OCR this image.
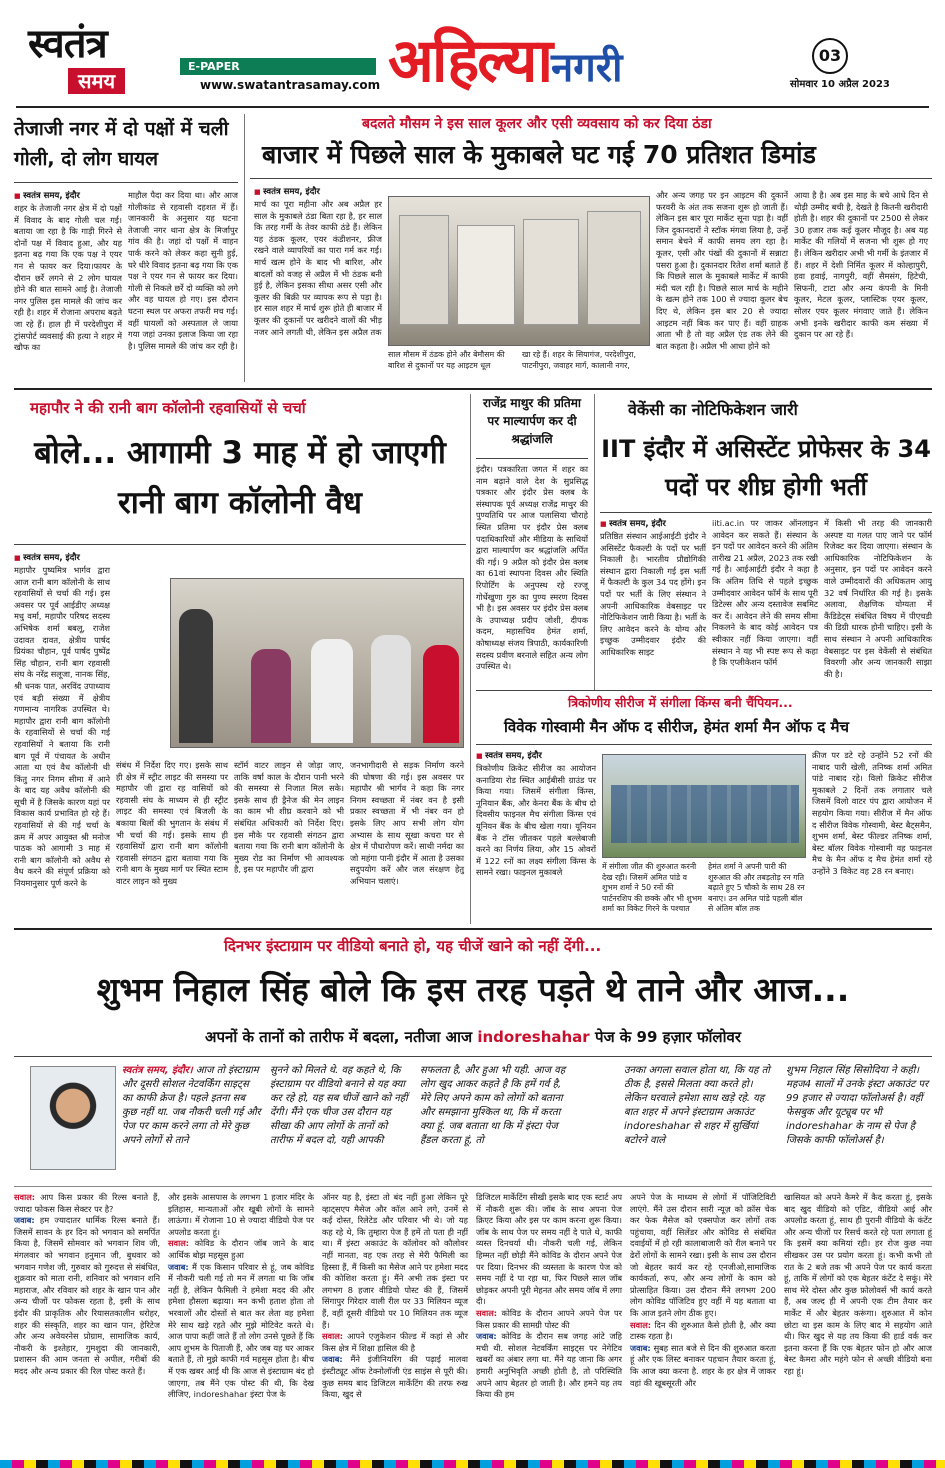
स्वतंत्र
समय
E-PAPER
www.swatantrasamay.com अहिल्यानगरी	03
सोमवार 10 अप्रैल 2023
तेजाजी नगर में दो पक्षों में चली गोली, दो लोग घायल
■ स्वतंत्र समय, इंदौर
शहर के तेजाजी नगर क्षेत्र में दो पक्षों में विवाद के बाद गोली चल गई। बताया जा रहा है कि गाड़ी गिरने से दोनों पक्ष में विवाद हुआ, और यह इतना बढ़ गया कि एक पक्ष ने एयर गन से फायर कर दिया।फायर के दौरान छर्रे लगने से 2 लोग घायल होने की बात सामने आई है। तेजाजी नगर पुलिस इस मामले की जांच कर रही है। शहर में रोजाना अपराध बढ़ते जा रहे हैं। हाल ही में परदेशीपुरा में ट्रांसपोर्ट व्यवसाई की हत्या ने शहर में खौफ का
माहौल पैदा कर दिया था। और आज गोलीकांड से रहवासी दहशत में हैं। जानकारी के अनुसार यह घटना तेजाजी नगर थाना क्षेत्र के मिर्जापुर गांव की है। जहां दो पक्षों में वाहन पार्क करने को लेकर कहा सुनी हुई, घरे धीरे विवाद इतना बढ़ गया कि एक पक्ष ने एयर गन से फायर कर दिया। गोली से निकले छर्रे दो व्यक्ति को लगे और वह घायल हो गए। इस दौरान घटना स्थल पर अफरा तफरी मच गई। वहीं घायलों को अस्पताल ले जाया गया जहां उनका इलाज किया जा रहा है। पुलिस मामले की जांच कर रही है।
बदलते मौसम ने इस साल कूलर और एसी व्यवसाय को कर दिया ठंडा
बाजार में पिछले साल के मुकाबले घट गई 70 प्रतिशत डिमांड
■ स्वतंत्र समय, इंदौर
मार्च का पूरा महीना और अब अप्रैल हर साल के मुकाबले ठंडा बिता रहा है, हर साल कि तरह गर्मी के तेवर काफी ठंडे हैं। लेकिन यह ठंडक कूलर, एयर कंडीशनर, फ्रीज रखने वाले व्यापरियों का पारा गर्म कर गई। मार्च खत्म होने के बाद भी बारिश, और बादलों को वजह से अप्रैल में भी ठंडक बनी हुई है, लेकिन इसका सीधा असर एसी और कूलर की बिक्री पर व्यापक रूप से पड़ा है। हर साल शहर में मार्च शुरू होते ही बाजार में कूलर की दुकानों पर खरीदने वालों की भीड़ नजर आने लगती थी, लेकिन इस अप्रैल तक
साल मौसम में ठंडक होने और बेमौसम की बारिश से दुकानों पर यह आइटम धूल
खा रहे हैं। शहर के सियागंज, परदेशीपुरा, पाटनीपुरा, जवाहर मार्ग, कालानी नगर,
और अन्य जगह पर इन आइटम की दुकानें फरवरी के अंत तक सजना शुरू हो जाती हैं। लेकिन इस बार पूरा मार्केट सूना पड़ा है। वहीं जिन दुकानदारों ने स्टॉक मंगवा लिया है, उन्हें समान बेचने में काफी समय लग रहा है। कूलर, एसी और पंखों की दुकानों में सन्नाटा पसरा हुआ है। दुकानदार रितेश शर्मा बताते हैं कि पिछले साल के मुकाबले मार्केट में काफी मंदी चल रही है। पिछले साल मार्च के महीने के खत्म होने तक 100 से ज्यादा कूलर बेच दिए थे, लेकिन इस बार 20 से ज्यादा आइटम नहीं बिक कर पाए हैं। वहीं ग्राहक आता भी है तो वह अप्रैल एंड तक लेने की बात कहता है। अप्रैल भी आधा होने को
आया है है। अब इस माह के बचे आधे दिन से थोड़ी उम्मीद बची है, देखते है कितनी खरीदारी होती है। शहर की दुकानों पर 2500 से लेकर 30 हजार तक कई कूलर मौजूद है। अब यह मार्केट की गलियों में सजना भी शुरू हो गए हैं। लेकिन खरीदार अभी भी गर्मी के इंतजार में हैं। शहर में देशी निर्मित कूलर में कोल्हापुरी, हवा हवाई, नागपुरी, वहीं सैमसंग, हिटेची, सिफनी, टाटा और अन्य कंपनी के मिनी कूलर, मेटल कूलर, प्लास्टिक एयर कूलर, सोलर एयर कूलर मंगवाए जाते हैं। लेकिन अभी इनके खरीदार काफी कम संख्या में दुकान पर आ रहे हैं।
महापौर ने की रानी बाग कॉलोनी रहवासियों से चर्चा
बोले... आगामी 3 माह में हो जाएगी रानी बाग कॉलोनी वैध
■ स्वतंत्र समय, इंदौर
महापौर पुष्यमित्र भार्गव द्वारा आज रानी बाग कॉलोनी के साथ रहवासियों से चर्चा की गई। इस अवसर पर पूर्व आईडीए अध्यक्ष मधु वर्मा, महापौर परिषद सदस्य अभिषेक शर्मा बबलू, राजेश उदावत दावत, क्षेत्रीय पार्षद प्रियंका चौहान, पूर्व पार्षद पुष्पेंद्र सिंह चौहान, रानी बाग रहवासी संघ के नरेंद्र सलूजा, नानक सिंह, श्री धनक पात, अरविंद उपाध्याय एवं बड़ी संख्या में क्षेत्रीय गणमान्य नागरिक उपस्थित थे। महापौर द्वारा रानी बाग कॉलोनी के रहवासियों से चर्चा की गई रहवासियों ने बताया कि रानी बाग पूर्व में पंचायत के अधीन आता था एवं वैध कॉलोनी थी किंतु नगर निगम सीमा में आने के बाद यह अवैध कॉलोनी की सूची में है जिसके कारण यहां पर विकास कार्य प्रभावित हो रहे हैं। रहवासियों से की गई चर्चा के क्रम में अपर आयुक्त श्री मनोज पाठक को आगामी 3 माह में रानी बाग कॉलोनी को अवैध से वैध करने की संपूर्ण प्रक्रिया को नियमानुसार पूर्ण करने के
संबंध में निर्देश दिए गए। इसके साथ ही क्षेत्र में स्ट्रीट लाइट की समस्या पर महापौर जी द्वारा रह वासियों को रहवासी संघ के माध्यम से ही स्ट्रीट लाइट की समस्या एवं बिजली के बकाया बिलों की भुगतान के संबंध में भी चर्चा की गई। इसके साथ ही रहवासियों द्वारा रानी बाग कॉलोनी रहवासी संगठन द्वारा बताया गया कि रानी बाग के मुख्य मार्ग पर स्थित स्टाम वाटर लाइन को मुख्य
स्टॉर्म वाटर लाइन से जोड़ा जाए, ताकि वर्षा काल के दौरान पानी भरने की समस्या से निजात मिल सके। इसके साथ ही ड्रैनेज की मेन लाइन का काम भी शीघ्र करवाने को भी संबंधित अधिकारी को निर्देश दिए। इस मौके पर रहवासी संगठन द्वारा बताया गया कि रानी बाग कॉलोनी के मुख्य रोड का निर्माण भी आवश्यक है, इस पर महापौर जी द्वारा
जनभागीदारी से सड़क निर्माण करने की घोषणा की गई। इस अवसर पर महापौर श्री भार्गव ने कहा कि नगर निगम स्वच्छता में नंबर वन है इसी प्रकार स्वच्छता में भी नंबर वन हो इसके लिए आप सभी लोग योग अभ्यास के साथ सूखा कचरा घर से क्षेत्र में पौधारोपण करें। साथी नर्मदा का जो महंगा पानी इंदौर में आता है उसका सदुपयोग करें और जल संरक्षण हेतु अभियान चलाएं।
राजेंद्र माथुर की प्रतिमा पर माल्यार्पण कर दी श्रद्धांजलि
इंदौर। पत्रकारिता जगत में शहर का नाम बढ़ाने वाले देश के सुप्रसिद्ध पत्रकार और इंदौर प्रेस क्लब के संस्थापक पूर्व अध्यक्ष राजेंद्र माथुर की पुण्यतिथि पर आज पलासिया चौराहे स्थित प्रतिमा पर इंदौर प्रेस क्लब पदाधिकारियों और मीडिया के साथियों द्वारा माल्यार्पण कर श्रद्धांजलि अर्पित की गई। 9 अप्रैल को इंदौर प्रेस क्लब का 61वां स्थापना दिवस और स्थिति रिपोर्टिंग के अनुपस्थ रहे रज्जू गोर्धेखुणा गुरु का पुण्य स्मरण दिवस भी है। इस अवसर पर इंदौर प्रेस क्लब के उपाध्यक्ष प्रदीप जोशी, दीपक कदम, महासचिव हेमंत शर्मा, कोषाध्यक्ष संजय त्रिपाठी, कार्यकारिणी सदस्य प्रवीण बरनाले सहित अन्य लोग उपस्थित थे।
वेकेंसी का नोटिफिकेशन जारी
IIT इंदौर में असिस्टेंट प्रोफेसर के 34 पदों पर शीघ्र होगी भर्ती
■ स्वतंत्र समय, इंदौर
प्रतिष्ठित संस्थान आईआईटी इंदौर ने असिस्टेंट फैकल्टी के पदों पर भर्ती निकाली है। भारतीय प्रौद्योगिकी संस्थान द्वारा निकाली गई इस भर्ती में फैकल्टी के कुल 34 पद होंगे। इन पदों पर भर्ती के लिए संस्थान ने अपनी आधिकारिक वेबसाइट पर नोटिफिकेशन जारी किया है। भर्ती के लिए आवेदन करने के योग्य और इच्छुक उम्मीदवार इंदौर की आधिकारिक साइट
iiti.ac.in पर जाकर ऑनलाइन आवेदन कर सकते हैं। संस्थान के इन पदों पर आवेदन करने की अंतिम तारीख 21 अप्रैल, 2023 तक रखी गई है। आईआईटी इंदौर ने कहा है कि अंतिम तिथि से पहले इच्छुक उम्मीदवार आवेदन फॉर्म के साथ पूरी डिटेल्स और अन्य दस्तावेज सबमिट कर दें। आवेदन लेने की समय सीमा निकलने के बाद कोई आवेदन पत्र स्वीकार नहीं किया जाएगा। वहीं संस्थान ने यह भी स्पष्ट रूप से कहा है कि एप्लीकेशन फॉर्म
में किसी भी तरह की जानकारी अस्पष्ट या गलत पाए जाने पर फॉर्म रिजेक्ट कर दिया जाएगा। संस्थान के आधिकारिक नोटिफिकेशन के अनुसार, इन पदों पर आवेदन करने वाले उम्मीदवारों की अधिकतम आयु 32 वर्ष निर्धारित की गई है। इसके अलावा, शैक्षणिक योग्यता में कैंडिडेट्स संबंधित विषय में पीएचडी की डिग्री धारक होनी चाहिए। इसी के साथ संस्थान ने अपनी आधिकारिक वेबसाइट पर इस वेकेंसी से संबंधित विवरणी और अन्य जानकारी साझा की है।
त्रिकोणीय सीरीज में संगीला किंग्स बनी चैंपियन...
विवेक गोस्वामी मैन ऑफ द सीरीज, हेमंत शर्मा मैन ऑफ द मैच
■ स्वतंत्र समय, इंदौर
त्रिकोणीय क्रिकेट सीरीज का आयोजन कनाडिया रोड स्थित आईबीसी ग्राउंड पर किया गया। जिसमें संगीला किंग्स, नूनियान बैंक, और केनरा बैंक के बीच दो दिवसीय फाइनल मैच संगीला किंग्स एवं यूनियन बैंक के बीच खेला गया। यूनियन बैंक ने टॉस जीतकर पहले बल्लेबाजी करने का निर्णय लिया, और 15 ओवरों में 122 रनों का लक्ष्य संगीला किंग्स के सामने रखा। फाइनल मुकाबले
में संगीला जीत की शुरुआत करनी देख रही। जिसमें अमित पांडे व शुभम शर्मा ने 50 रनों की पार्टनरशिप की छक्के और भी शुभम शर्मा का विकेट गिरने के पश्चात
हेमंत शर्मा ने अपनी पारी की शुरुआत की और तबड़तोड़ रन गति बढ़ाते हुए 5 चौको के साथ 28 रन बनाए। उन अमित पांडे पहली बॉल से अंतिम बॉल तक
क्रीज पर डटे रहे उन्होंने 52 रनों की नाबाद पारी खेली, तनिष्क शर्मा अमित पांडे नाबाद रहे। विलो क्रिकेट सीरीज मुकाबले 2 दिनों तक लगातार चले जिसमें विलो वाटर पंप द्वारा आयोजन में सहयोग किया गया। सीरीज में मैन ऑफ द सीरीज विवेक गोस्वामी, बेस्ट बैट्समैन, शुभम शर्मा, बेस्ट फील्डर तनिष्क शर्मा, बेस्ट बॉलर विवेक गोस्वामी वह फाइनल मैच के मैन ऑफ द मैच हेमंत शर्मा रहे उन्होंने 3 विकेट वह 28 रन बनाए।
दिनभर इंस्टाग्राम पर वीडियो बनाते हो, यह चीजें खाने को नहीं देंगी...
शुभम निहाल सिंह बोले कि इस तरह पड़ते थे ताने और आज...
अपनों के तानों को तारीफ में बदला, नतीजा आज indoreshahar पेज के 99 हज़ार फॉलोवर
स्वतंत्र समय, इंदौर। आज तो इंस्टाग्राम और दूसरी सोशल नेटवर्किंग साइट्स का काफी क्रेज है। पहले इतना सब कुछ नहीं था. जब नौकरी चली गई और पेज पर काम करने लगा तो मेरे कुछ अपने लोगों से ताने
सुनने को मिलते थे. वह कहते थे, कि इंस्टाग्राम पर वीडियो बनाने से यह क्या कर रहे हो, यह सब चीजें खाने को नहीं देंगी। मैंने एक चीज उस दौरान यह सीखा की आप लोगों के तानों को तारीफ में बदल दो, यही आपकी
सफलता है, और हुआ भी यही. आज वह लोग खुद आकर कहते है कि हमें गर्व है, मेरे लिए अपने काम को लोगों को बताना और समझाना मुश्किल था, कि में करता क्या हूं. जब बताता था कि में इंस्टा पेज हैंडल करता हूं, तो
उनका अगला सवाल होता था, कि यह तो ठीक है, इससे मिलता क्या करते हो। लेकिन घरवाले हमेशा साथ खड़े रहे. यह बात शहर में अपने इंस्टाग्राम अकाउंट indoreshahar से शहर में सुर्खियां बटोरने वाले
शुभम निहाल सिंह सिसोदिया ने कही। महज4 सालों में उनके इंस्टा अकाउंट पर 99 हजार से ज्यादा फॉलोअर्स है। वहीं फेसबुक और यूट्यूब पर भी indoreshahar के नाम से पेज है जिसके काफी फॉलोअर्स है।
सवाल: आप किस प्रकार की रिल्स बनाते हैं, ज्यादा फोकस किस सेक्टर पर है?
जवाब: हम ज्यादातर धार्मिक रिल्स बनाते हैं। जिसमें सावन के हर दिन को भगवान को समर्पित किया है, जिसमें सोमवार को भगवान शिव जी, मंगलवार को भगवान हनुमान जी, बुधवार को भगवान गणेश जी, गुरुवार को गुरुदत्त से संबंधित, शुक्रवार को माता रानी, शनिवार को भगवान शनि महाराज, और रविवार को शहर के खान पान और अन्य चीजों पर फोकस रहता है, इसी के साथ इंदौर की प्राकृतिक और रियासतकालीन धरोहर, शहर की संस्कृति, शहर का खान पान, हेरिटेज और अन्य अवेयरनेस प्रोग्राम, सामाजिक कार्य, नौकरी के इश्तेहार, गुमशुदा की जानकारी, प्रशासन की आम जनता से अपील, गरीबों की मदद और अन्य प्रकार की रिल पोस्ट करते हैं।
और इसके आसपास के लगभग 1 हजार मंदिर के इतिहास, मान्यताओं और खूबी लोगों के सामने लाऊंगा। में रोजाना 10 से ज्यादा वीडियो पेज पर अपलोड करता हूं।
सवाल: कोविड के दौरान जॉब जाने के बाद आर्थिक बोझ महसूस हुआ
जवाब: मैं एक किसान परिवार से हूं, जब कोविड में नौकरी चली गई तो मन में लगता था कि जॉब नहीं है, लेकिन फैमिली ने हमेशा मदद की और हमेशा हौसला बढ़ाया। मन कभी हताश होता तो भरवालों और दोस्तों से बात कर लेता वह हमेशा मेरे साथ खड़े रहते और मुझे मोटिवेट करते थे। आज पापा कहीं जाते हैं तो लोग उनसे पूछते हैं कि आप शुभम के पिताजी हैं, और जब यह घर आकर बताते हैं, तो मुझे काफी गर्व महसूस होता है। बीच में एक खबर आई थी कि आज से इंस्टाग्राम बंद हो जाएगा, तब मैंने एक पोस्ट की थी, कि देख लीजिए, indoreshahar इंस्टा पेज के
ऑनर यह है, इंस्टा तो बंद नहीं हुआ लेकिन पूरे व्हाट्सएप मैसेज और कॉल आने लगे, उनमें से कई दोस्त, रिलेटेड और परिवार भी थे। जो यह कह रहे थे, कि तुम्हारा पेज हैं हमें तो पता ही नहीं था। मैं इंस्टा अकाउंट के कॉलोवर को कौलोवर नहीं मानता, वह एक तरह से मेरी फैमिली का हिस्सा हैं, मैं किसी का मैसेज आने पर हमेशा मदद की कोशिश करता हूं। मैंने अभी तक इंस्टा पर लगभग 8 हजार वीडियो पोस्ट की हैं, जिसमें सिंगापुर गिरेदार वाली रील पर 33 मिलियन व्यूज हैं, वहीं दूसरी वीडियो पर 10 मिलियन तक व्यूज हैं।
सवाल: आपने एजुकेशन फील्ड में कहां से और किस क्षेत्र में शिक्षा हासिल की है
जवाब: मैंने इंजीनियरिंग की पढ़ाई मालवा इंस्टीट्यूट ऑफ टेक्नोलॉजी एंड साइंस से पूरी की। कुछ समय बाद डिजिटल मार्केटिंग की तरफ रुख किया, खुद से
डिजिटल मार्केटिंग सीखी इसके बाद एक स्टार्ट अप में नौकरी शुरू की। जॉब के साथ अपना पेज क्रिएट किया और इस पर काम करना शुरू किया। जॉब के साथ पेज पर समय नहीं दे पाते थे, काफी व्यस्त दिनचर्या थी। नौकरी चली गई, लेकिन हिम्मत नहीं छोड़ी मैंने कोविड के दौरान अपने पेज पर दिया। दिनभर की व्यस्तता के कारण पेज को समय नहीं दे पा रहा था, फिर पिछले साल जॉब छोड़कर अपनी पूरी मेहनत और समय जॉब में लगा दी।
सवाल: कोविड के दौरान आपने अपने पेज पर किस प्रकार की सामग्री पोस्ट की
जवाब: कोविड के दौरान सब जगह आंटे जहि मची थी. सोशल नेटवर्किंग साइट्स पर नेगेटिव खबरों का अंबार लगा था. मैंने यह जाना कि अगर हमारी अनुभिवृति अच्छी होती है, तो परिस्थिति अपने आप बेहतर हो जाती है। और हमने यह तय किया की हम
अपने पेज के माध्यम से लोगों में पॉजिटिविटी लाएंगे. मैंने उस दौरान सारी न्यूज़ को क्रॉस चेक कर फेक मैसेज को एक्सपोज कर लोगों तक पहुंचाया, वहीं सिलेंडर और कोविड से संबंधित दवाईयों में हो रही कालाबाजारी को रील बनाने पर ढेरों लोगों के सामने रखा। इसी के साथ उस दौरान जो बेहतर कार्य कर रहे एनजीओ,सामाजिक कार्यकर्ता, रूप, और अन्य लोगों के काम को प्रोत्साहित किया। उस दौरान मैंने लगभग 200 लोग कोविड पॉजिटिव हुए वहीं में यह बताता था कि आज इतने लोग ठीक हुए।
सवाल: दिन की शुरुआत कैसे होती है, और क्या टास्क रहता है।
जवाब: सुबह सात बजे से दिन की शुरुआत करता हूं और एक लिस्ट बनाकर पहचान तैयार करता हूं, कि आज क्या करना है. शहर के हर क्षेत्र में जाकर वहां की खूबसूरती और
खासियत को अपने कैमरे में कैद करता हूं, इसके बाद खुद वीडियो को एडिट, वीडियो आई और अपलोड करता हूं, साथ ही पुरानी वीडियो के कंटेंट और अन्य चीजों पर रिसर्च करते रहे पता लगाता हूं कि इसमें क्या कमियां रही। हर रोज कुछ नया सीखकर उस पर प्रयोग करता हूं। कभी कभी तो रात के 2 बजे तक भी अपने पेज पर कार्य करता हूं, ताकि में लोगों को एक बेहतर कंटेंट दे सकूं। मेरे साथ मेरे दोस्त और कुछ फ़ोलोवर्स भी कार्य करते हैं, अब जल्द ही में अपनी एक टीम तैयार कर मार्केट में और बेहतर करूंगा। शुरुआत में कोन छोटा था इस काम के लिए बाद मे सहयोग आते थी। फिर खुद से यह तय किया की हार्ड वर्क कर इतना करना हैं कि एक बेहतर फोन हो और आज बेस्ट कैमरा और महंगे फोन से अच्छी वीडियो बना रहा हूं।
